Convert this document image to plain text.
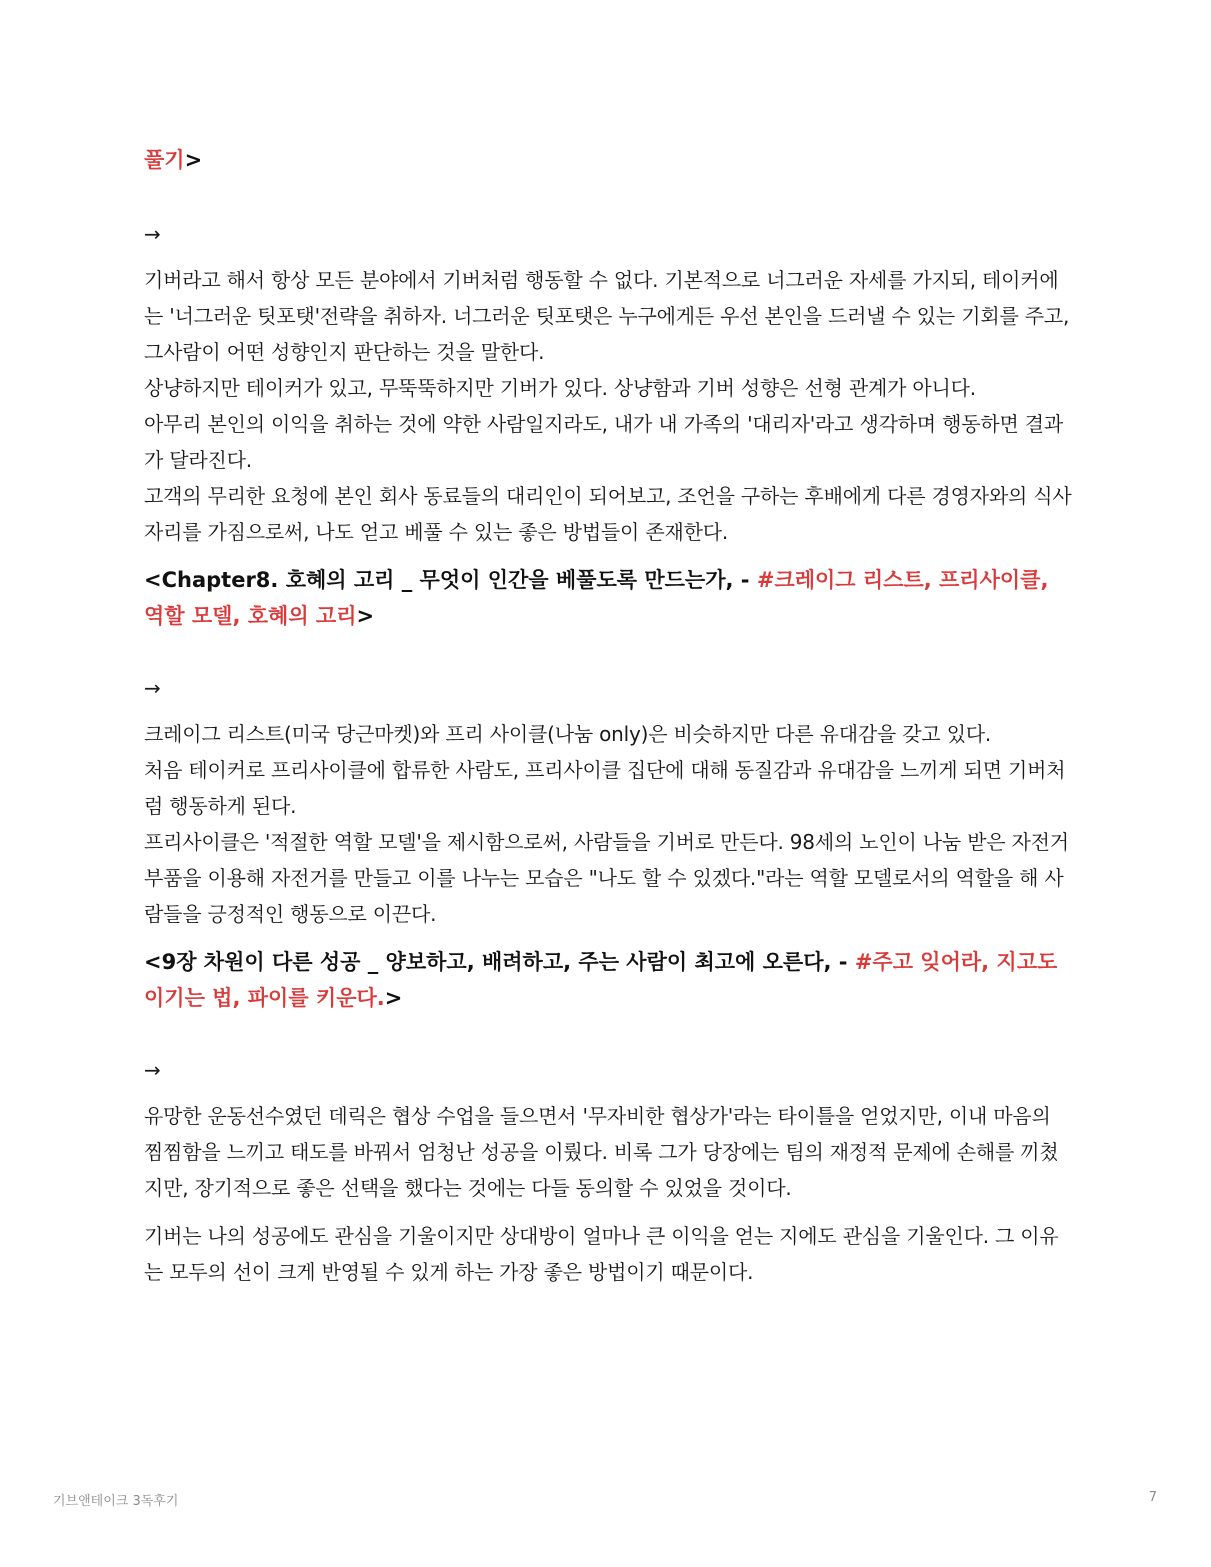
풀기>

→

기버라고 해서 항상 모든 분야에서 기버처럼 행동할 수 없다. 기본적으로 너그러운 자세를 가지되, 테이커에는 '너그러운 팃포탯'전략을 취하자. 너그러운 팃포탯은 누구에게든 우선 본인을 드러낼 수 있는 기회를 주고, 그사람이 어떤 성향인지 판단하는 것을 말한다.

상냥하지만 테이커가 있고, 무뚝뚝하지만 기버가 있다. 상냥함과 기버 성향은 선형 관계가 아니다.

아무리 본인의 이익을 취하는 것에 약한 사람일지라도, 내가 내 가족의 '대리자'라고 생각하며 행동하면 결과가 달라진다.

고객의 무리한 요청에 본인 회사 동료들의 대리인이 되어보고, 조언을 구하는 후배에게 다른 경영자와의 식사 자리를 가짐으로써, 나도 얻고 베풀 수 있는 좋은 방법들이 존재한다.

<Chapter8. 호혜의 고리 _ 무엇이 인간을 베풀도록 만드는가, - #크레이그 리스트, 프리사이클, 역할 모델, 호혜의 고리>

→

크레이그 리스트(미국 당근마켓)와 프리 사이클(나눔 only)은 비슷하지만 다른 유대감을 갖고 있다.

처음 테이커로 프리사이클에 합류한 사람도, 프리사이클 집단에 대해 동질감과 유대감을 느끼게 되면 기버처럼 행동하게 된다.

프리사이클은 '적절한 역할 모델'을 제시함으로써, 사람들을 기버로 만든다. 98세의 노인이 나눔 받은 자전거 부품을 이용해 자전거를 만들고 이를 나누는 모습은 "나도 할 수 있겠다."라는 역할 모델로서의 역할을 해 사람들을 긍정적인 행동으로 이끈다.

<9장 차원이 다른 성공 _ 양보하고, 배려하고, 주는 사람이 최고에 오른다, - #주고 잊어라, 지고도 이기는 법, 파이를 키운다.>

→

유망한 운동선수였던 데릭은 협상 수업을 들으면서 '무자비한 협상가'라는 타이틀을 얻었지만, 이내 마음의 찜찜함을 느끼고 태도를 바꿔서 엄청난 성공을 이뤘다. 비록 그가 당장에는 팀의 재정적 문제에 손해를 끼쳤지만, 장기적으로 좋은 선택을 했다는 것에는 다들 동의할 수 있었을 것이다.

기버는 나의 성공에도 관심을 기울이지만 상대방이 얼마나 큰 이익을 얻는 지에도 관심을 기울인다. 그 이유는 모두의 선이 크게 반영될 수 있게 하는 가장 좋은 방법이기 때문이다.

기브앤테이크 3독후기	7
